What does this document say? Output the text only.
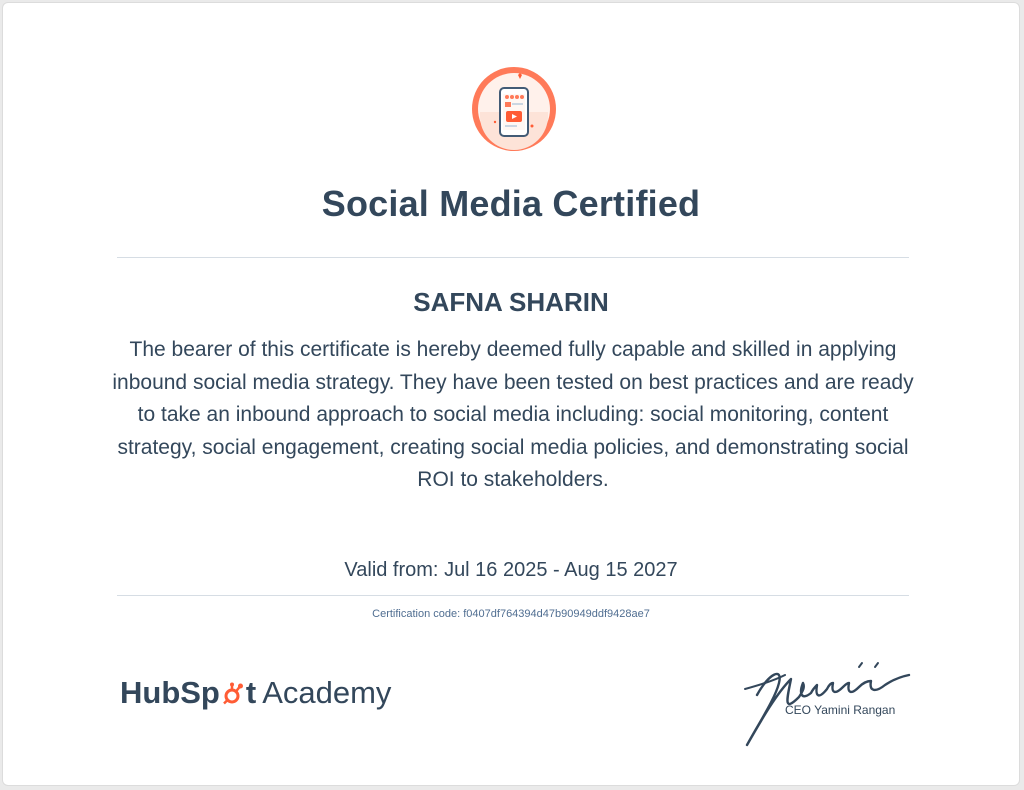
Social Media Certified
SAFNA SHARIN
The bearer of this certificate is hereby deemed fully capable and skilled in applying inbound social media strategy. They have been tested on best practices and are ready to take an inbound approach to social media including: social monitoring, content strategy, social engagement, creating social media policies, and demonstrating social ROI to stakeholders.
Valid from: Jul 16 2025 - Aug 15 2027
Certification code: f0407df764394d47b90949ddf9428ae7
HubSp t Academy	CEO Yamini Rangan
